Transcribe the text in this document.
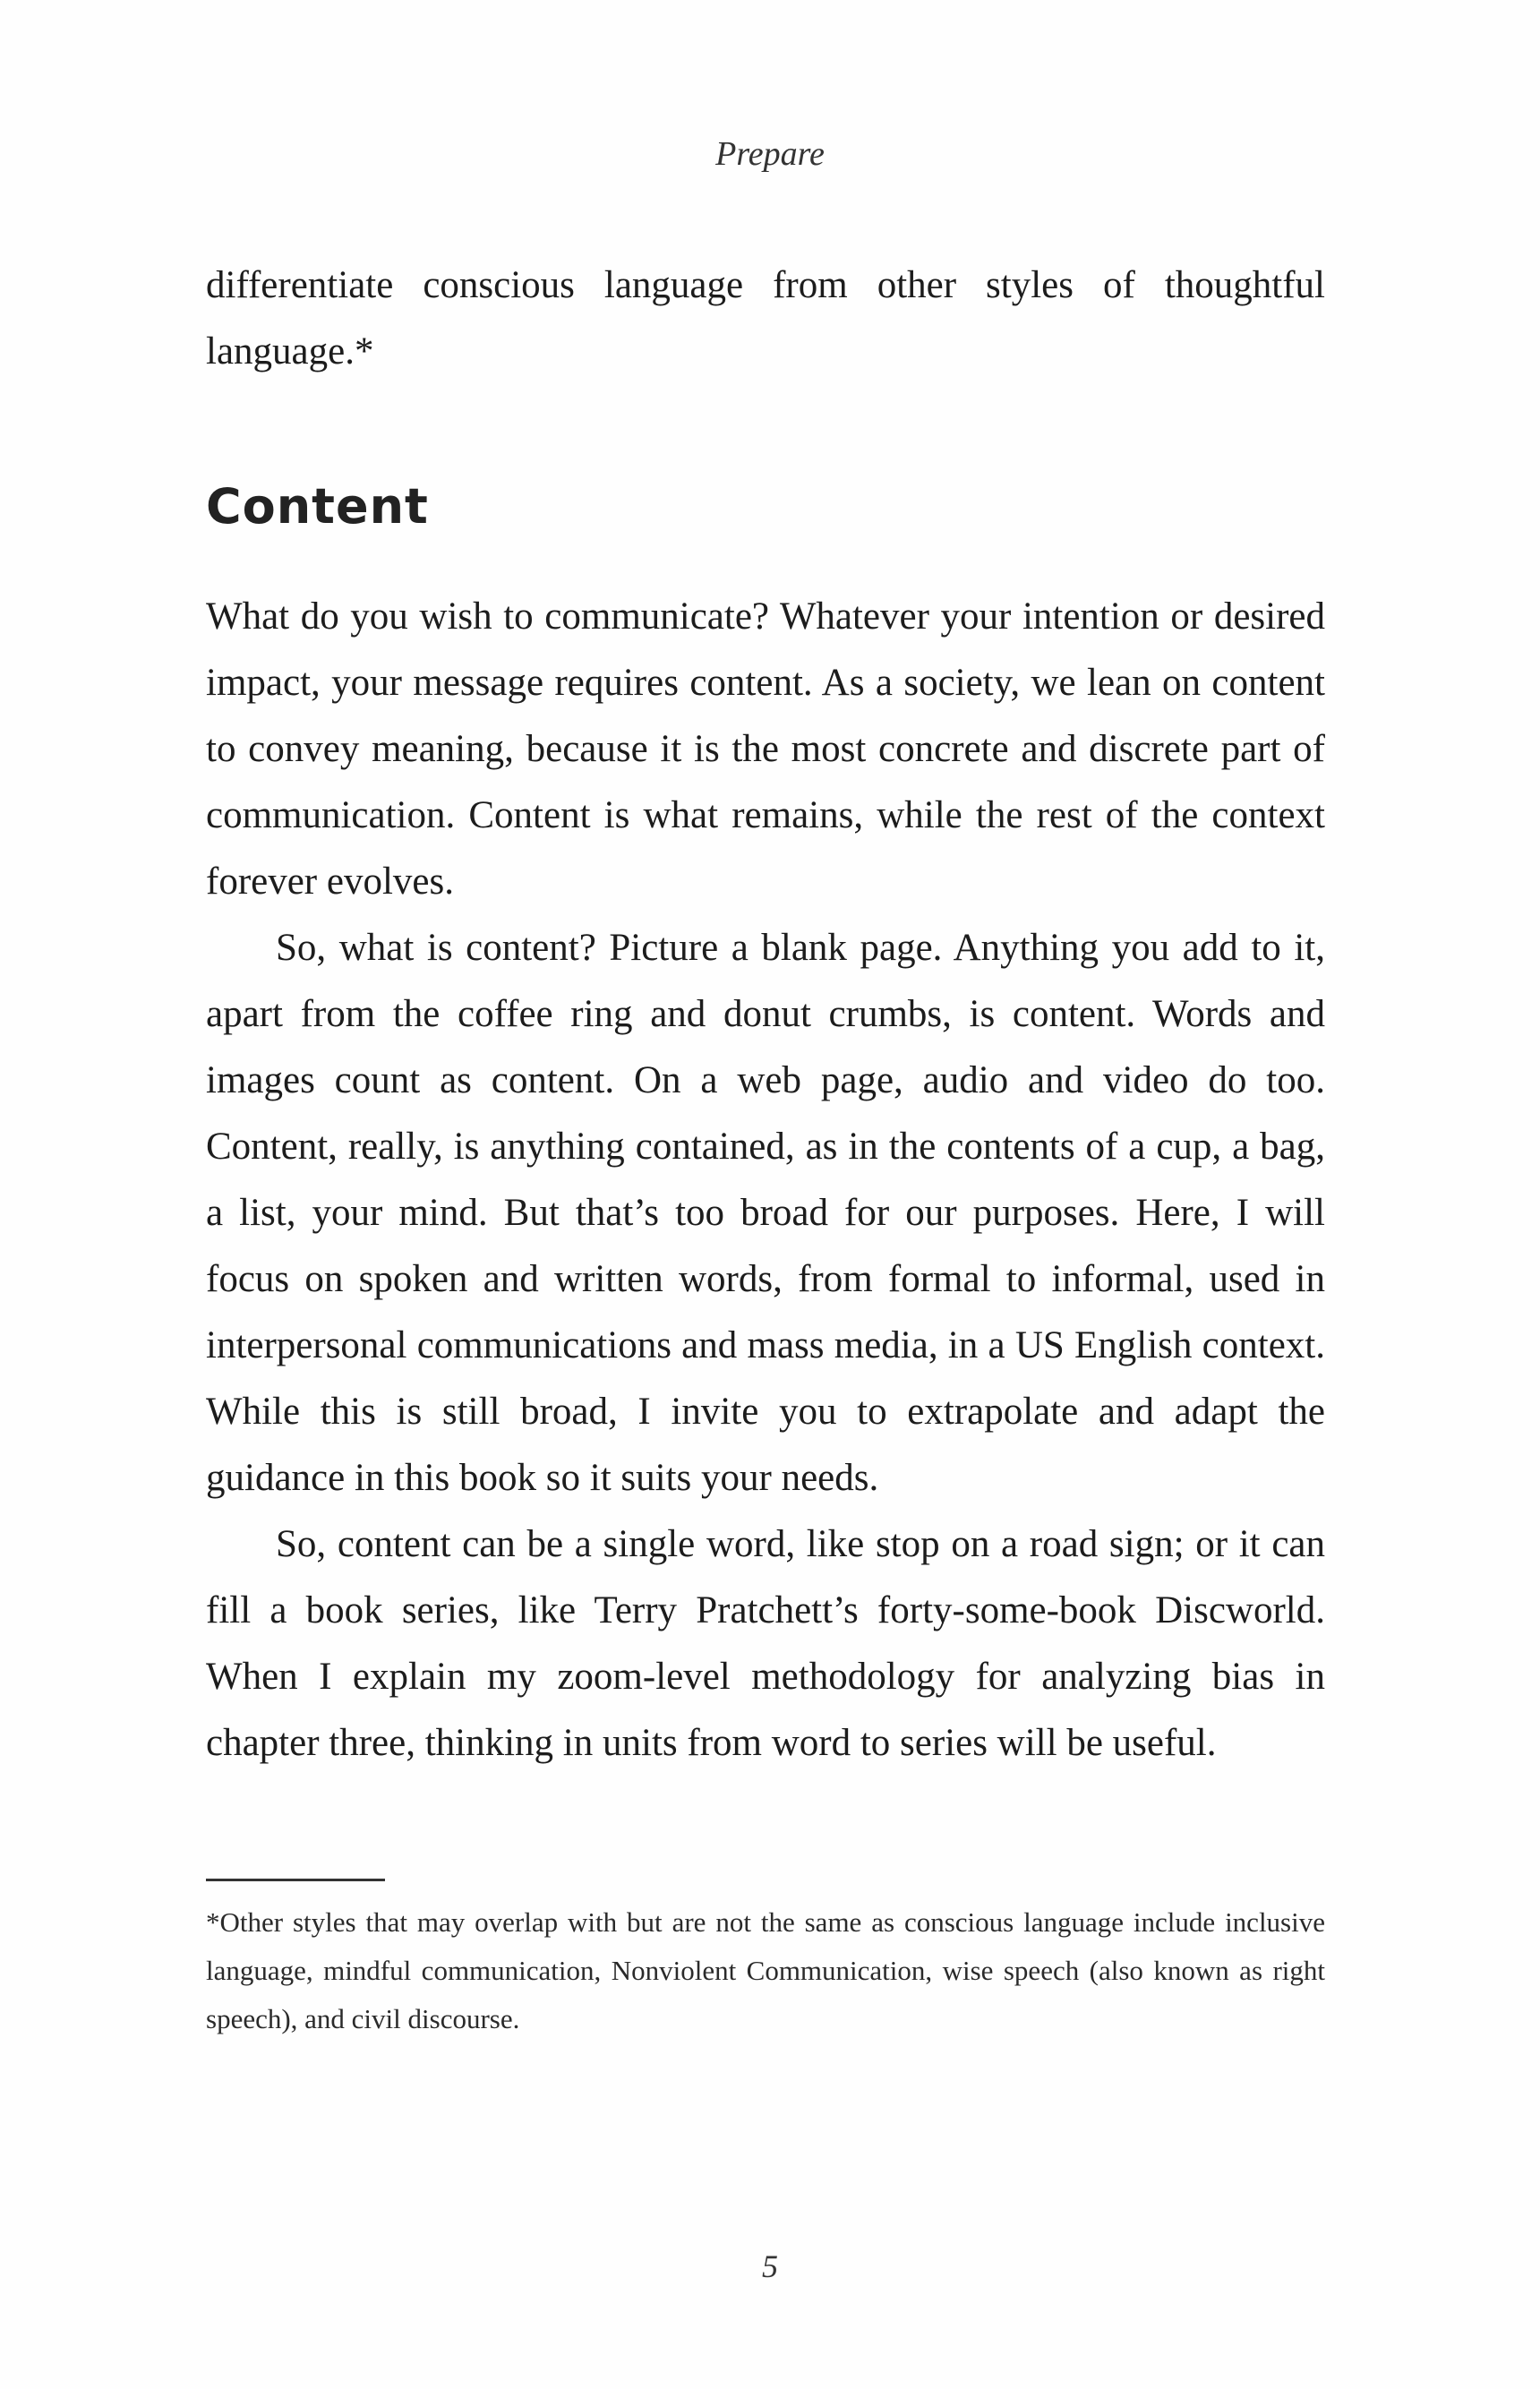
Prepare

differentiate conscious language from other styles of thoughtful language.*

Content

What do you wish to communicate? Whatever your intention or desired impact, your message requires content. As a society, we lean on content to convey meaning, because it is the most concrete and discrete part of communication. Content is what remains, while the rest of the context forever evolves.

So, what is content? Picture a blank page. Anything you add to it, apart from the coffee ring and donut crumbs, is content. Words and images count as content. On a web page, audio and video do too. Content, really, is anything contained, as in the contents of a cup, a bag, a list, your mind. But that’s too broad for our purposes. Here, I will focus on spoken and written words, from formal to informal, used in interpersonal communications and mass media, in a US English context. While this is still broad, I invite you to extrapolate and adapt the guidance in this book so it suits your needs.

So, content can be a single word, like stop on a road sign; or it can fill a book series, like Terry Pratchett’s forty-some-book Discworld. When I explain my zoom-level methodology for analyzing bias in chapter three, thinking in units from word to series will be useful.

*Other styles that may overlap with but are not the same as conscious language include inclusive language, mindful communication, Nonviolent Communication, wise speech (also known as right speech), and civil discourse.

5
